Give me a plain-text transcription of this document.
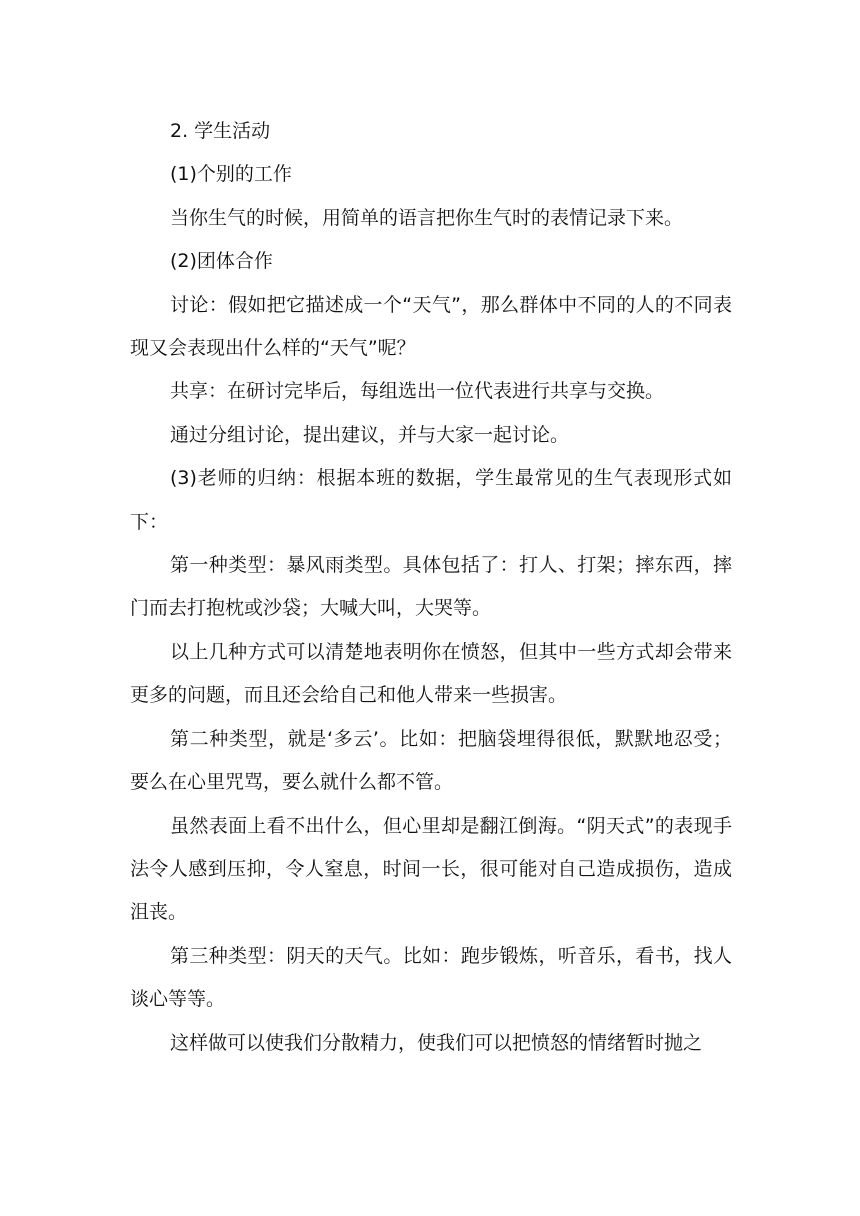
2. 学生活动

(1)个别的工作

当你生气的时候，用简单的语言把你生气时的表情记录下来。

(2)团体合作

讨论：假如把它描述成一个“天气”，那么群体中不同的人的不同表现又会表现出什么样的“天气”呢？

共享：在研讨完毕后，每组选出一位代表进行共享与交换。

通过分组讨论，提出建议，并与大家一起讨论。

(3)老师的归纳：根据本班的数据，学生最常见的生气表现形式如下：

第一种类型：暴风雨类型。具体包括了：打人、打架；摔东西，摔门而去打抱枕或沙袋；大喊大叫，大哭等。

以上几种方式可以清楚地表明你在愤怒，但其中一些方式却会带来更多的问题，而且还会给自己和他人带来一些损害。

第二种类型，就是‘多云’。比如：把脑袋埋得很低，默默地忍受；要么在心里咒骂，要么就什么都不管。

虽然表面上看不出什么，但心里却是翻江倒海。“阴天式”的表现手法令人感到压抑，令人窒息，时间一长，很可能对自己造成损伤，造成沮丧。

第三种类型：阴天的天气。比如：跑步锻炼，听音乐，看书，找人谈心等等。

这样做可以使我们分散精力，使我们可以把愤怒的情绪暂时抛之
